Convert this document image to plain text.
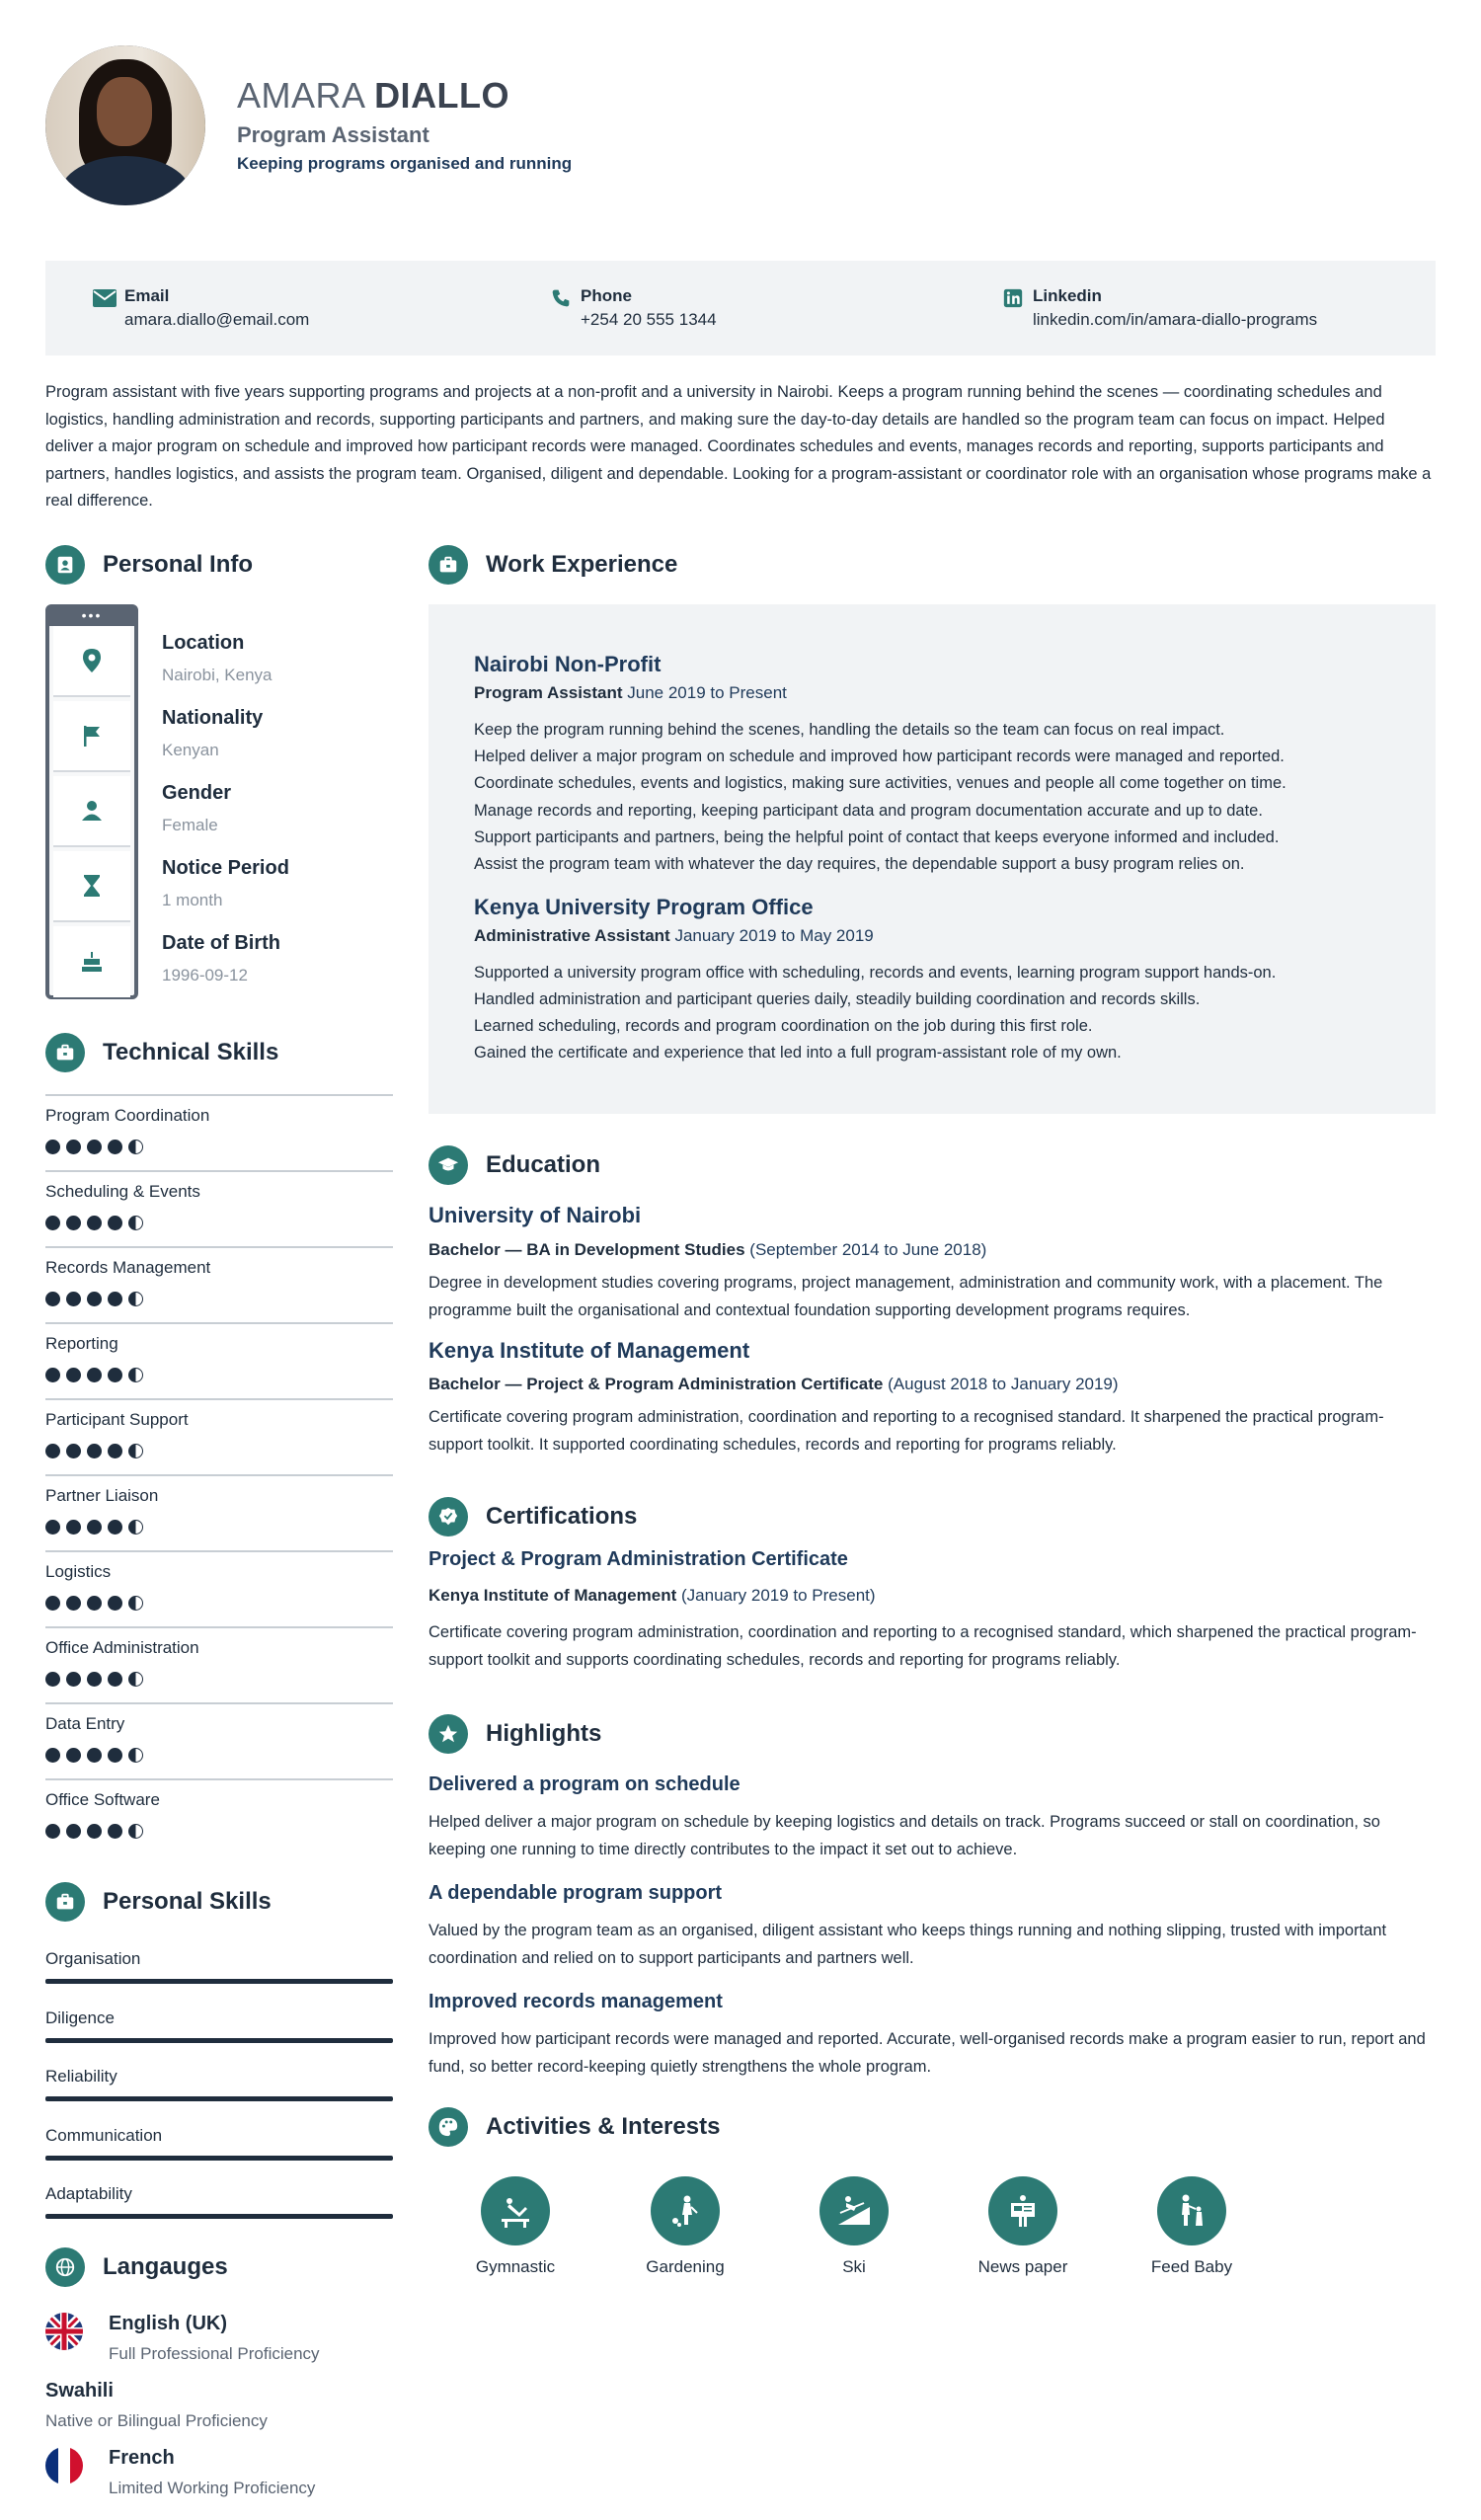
AMARA DIALLO
Program Assistant
Keeping programs organised and running
Email
amara.diallo@email.com
Phone
+254 20 555 1344
Linkedin
linkedin.com/in/amara-diallo-programs
Program assistant with five years supporting programs and projects at a non-profit and a university in Nairobi. Keeps a program running behind the scenes — coordinating schedules and logistics, handling administration and records, supporting participants and partners, and making sure the day-to-day details are handled so the program team can focus on impact. Helped deliver a major program on schedule and improved how participant records were managed. Coordinates schedules and events, manages records and reporting, supports participants and partners, handles logistics, and assists the program team. Organised, diligent and dependable. Looking for a program-assistant or coordinator role with an organisation whose programs make a real difference.
Personal Info
•••
Location
Nairobi, Kenya
Nationality
Kenyan
Gender
Female
Notice Period
1 month
Date of Birth
1996-09-12
Technical Skills
Program Coordination
Scheduling & Events
Records Management
Reporting
Participant Support
Partner Liaison
Logistics
Office Administration
Data Entry
Office Software
Personal Skills
Organisation
Diligence
Reliability
Communication
Adaptability
Langauges
English (UK)
Full Professional Proficiency
Swahili
Native or Bilingual Proficiency
French
Limited Working Proficiency
Work Experience
Nairobi Non-Profit
Program Assistant June 2019 to Present
Keep the program running behind the scenes, handling the details so the team can focus on real impact.
Helped deliver a major program on schedule and improved how participant records were managed and reported.
Coordinate schedules, events and logistics, making sure activities, venues and people all come together on time.
Manage records and reporting, keeping participant data and program documentation accurate and up to date.
Support participants and partners, being the helpful point of contact that keeps everyone informed and included.
Assist the program team with whatever the day requires, the dependable support a busy program relies on.
Kenya University Program Office
Administrative Assistant January 2019 to May 2019
Supported a university program office with scheduling, records and events, learning program support hands-on.
Handled administration and participant queries daily, steadily building coordination and records skills.
Learned scheduling, records and program coordination on the job during this first role.
Gained the certificate and experience that led into a full program-assistant role of my own.
Education
University of Nairobi
Bachelor — BA in Development Studies (September 2014 to June 2018)
Degree in development studies covering programs, project management, administration and community work, with a placement. The programme built the organisational and contextual foundation supporting development programs requires.
Kenya Institute of Management
Bachelor — Project & Program Administration Certificate (August 2018 to January 2019)
Certificate covering program administration, coordination and reporting to a recognised standard. It sharpened the practical program-support toolkit. It supported coordinating schedules, records and reporting for programs reliably.
Certifications
Project & Program Administration Certificate
Kenya Institute of Management (January 2019 to Present)
Certificate covering program administration, coordination and reporting to a recognised standard, which sharpened the practical program-support toolkit and supports coordinating schedules, records and reporting for programs reliably.
Highlights
Delivered a program on schedule
Helped deliver a major program on schedule by keeping logistics and details on track. Programs succeed or stall on coordination, so keeping one running to time directly contributes to the impact it set out to achieve.
A dependable program support
Valued by the program team as an organised, diligent assistant who keeps things running and nothing slipping, trusted with important coordination and relied on to support participants and partners well.
Improved records management
Improved how participant records were managed and reported. Accurate, well-organised records make a program easier to run, report and fund, so better record-keeping quietly strengthens the whole program.
Activities & Interests
Gymnastic	Gardening	Ski	News paper	Feed Baby
